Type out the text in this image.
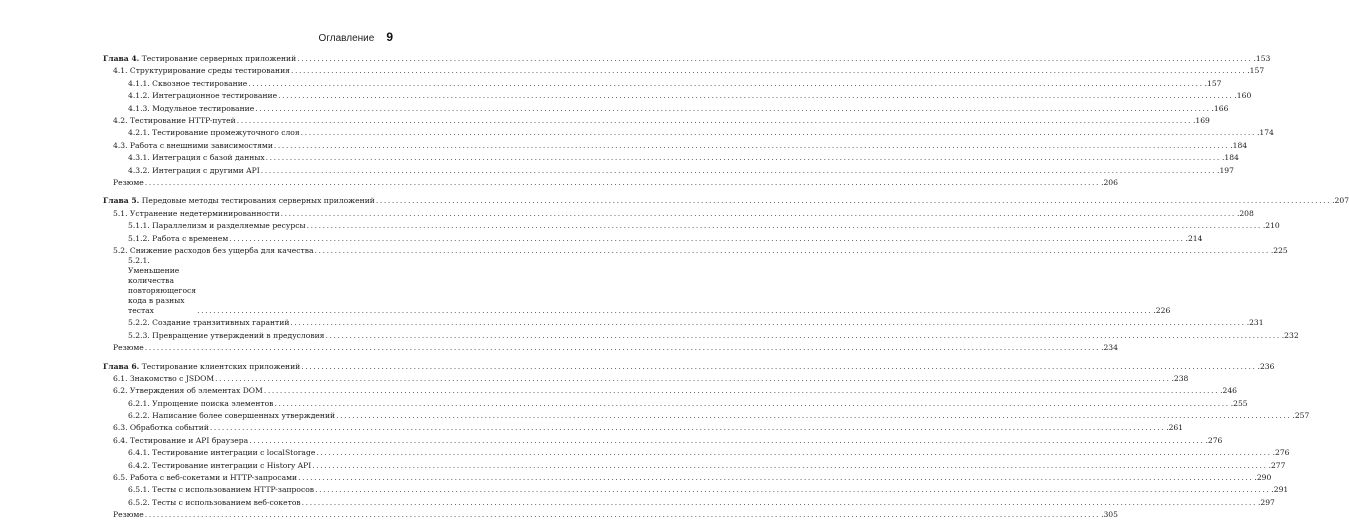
Оглавление 9
Глава 4. Тестирование серверных приложений .....	.153
4.1. Структурирование среды тестирования .....	.157
4.1.1. Сквозное тестирование .....	.157
4.1.2. Интеграционное тестирование .....	.160
4.1.3. Модульное тестирование .....	.166
4.2. Тестирование HTTP-путей .....	.169
4.2.1. Тестирование промежуточного слоя .....	.174
4.3. Работа с внешними зависимостями .....	.184
4.3.1. Интеграция с базой данных .....	.184
4.3.2. Интеграция с другими API .....	.197
Резюме .....	.206
Глава 5. Передовые методы тестирования серверных приложений .....	.207
5.1. Устранение недетерминированности .....	.208
5.1.1. Параллелизм и разделяемые ресурсы .....	.210
5.1.2. Работа с временем .....	.214
5.2. Снижение расходов без ущерба для качества .....	.225
5.2.1. Уменьшение количества повторяющегося кода в разных тестах .....	.226
5.2.2. Создание транзитивных гарантий .....	.231
5.2.3. Превращение утверждений в предусловия .....	.232
Резюме .....	.234
Глава 6. Тестирование клиентских приложений .....	.236
6.1. Знакомство с JSDOM .....	.238
6.2. Утверждения об элементах DOM .....	.246
6.2.1. Упрощение поиска элементов .....	.255
6.2.2. Написание более совершенных утверждений .....	.257
6.3. Обработка событий .....	.261
6.4. Тестирование и API браузера .....	.276
6.4.1. Тестирование интеграции с localStorage .....	.276
6.4.2. Тестирование интеграции с History API .....	.277
6.5. Работа с веб-сокетами и HTTP-запросами .....	.290
6.5.1. Тесты с использованием HTTP-запросов .....	.291
6.5.2. Тесты с использованием веб-сокетов .....	.297
Резюме .....	.305
